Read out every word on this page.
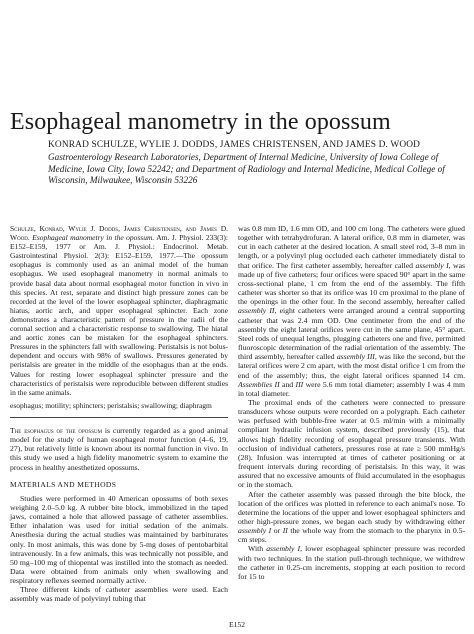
Esophageal manometry in the opossum
KONRAD SCHULZE, WYLIE J. DODDS, JAMES CHRISTENSEN, AND JAMES D. WOOD
Gastroenterology Research Laboratories, Department of Internal Medicine, University of Iowa College of Medicine, Iowa City, Iowa 52242; and Department of Radiology and Internal Medicine, Medical College of Wisconsin, Milwaukee, Wisconsin 53226
Schulze, Konrad, Wylie J. Dodds, James Christensen, and James D. Wood. Esophageal manometry in the opossum. Am. J. Physiol. 233(3): E152–E159, 1977 or Am. J. Physiol.: Endocrinol. Metab. Gastrointestinal Physiol. 2(3): E152–E159, 1977.—The opossum esophagus is commonly used as an animal model of the human esophagus. We used esophageal manometry in normal animals to provide basal data about normal esophageal motor function in vivo in this species. At rest, separate and distinct high pressure zones can be recorded at the level of the lower esophageal sphincter, diaphragmatic hiatus, aortic arch, and upper esophageal sphincter. Each zone demonstrates a characteristic pattern of pressure in the radii of the coronal section and a characteristic response to swallowing. The hiatal and aortic zones can be mistaken for the esophageal sphincters. Pressures in the sphincters fall with swallowing. Peristalsis is not bolus-dependent and occurs with 98% of swallows. Pressures generated by peristalsis are greater in the middle of the esophagus than at the ends. Values for resting lower esophageal sphincter pressure and the characteristics of peristalsis were reproducible between different studies in the same animals.
esophagus; motility; sphincters; peristalsis; swallowing; diaphragm
The esophagus of the opossum is currently regarded as a good animal model for the study of human esophageal motor function (4–6, 19, 27), but relatively little is known about its normal function in vivo. In this study we used a high fidelity manometric system to examine the process in healthy anesthetized opossums.
MATERIALS AND METHODS
Studies were performed in 40 American opossums of both sexes weighing 2.0–5.0 kg. A rubber bite block, immobilized in the taped jaws, contained a hole that allowed passage of catheter assemblies. Ether inhalation was used for initial sedation of the animals. Anesthesia during the actual studies was maintained by barbiturates only. In most animals, this was done by 5-mg doses of pentobarbital intravenously. In a few animals, this was technically not possible, and 50 mg–100 mg of thiopental was instilled into the stomach as needed. Data were obtained from animals only when swallowing and respiratory reflexes seemed normally active.
Three different kinds of catheter assemblies were used. Each assembly was made of polyvinyl tubing that
was 0.8 mm ID, 1.6 mm OD, and 100 cm long. The catheters were glued together with tetrahydrofuran. A lateral orifice, 0.8 mm in diameter, was cut in each catheter at the desired location. A small steel rod, 3–8 mm in length, or a polyvinyl plug occluded each catheter immediately distal to that orifice. The first catheter assembly, hereafter called assembly I, was made up of five catheters; four orifices were spaced 90° apart in the same cross-sectional plane, 1 cm from the end of the assembly. The fifth catheter was shorter so that its orifice was 10 cm proximal to the plane of the openings in the other four. In the second assembly, hereafter called assembly II, eight catheters were arranged around a central supporting catheter that was 2.4 mm OD. One centimeter from the end of the assembly the eight lateral orifices were cut in the same plane, 45° apart. Steel rods of unequal lengths, plugging catheters one and five, permitted fluoroscopic determination of the radial orientation of the assembly. The third assembly, hereafter called assembly III, was like the second, but the lateral orifices were 2 cm apart, with the most distal orifice 1 cm from the end of the assembly; thus, the eight lateral orifices spanned 14 cm. Assemblies II and III were 5.6 mm total diameter; assembly I was 4 mm in total diameter.
The proximal ends of the catheters were connected to pressure transducers whose outputs were recorded on a polygraph. Each catheter was perfused with bubble-free water at 0.5 ml/min with a minimally compliant hydraulic infusion system, described previously (15), that allows high fidelity recording of esophageal pressure transients. With occlusion of individual catheters, pressures rose at rate ≥ 500 mmHg/s (28). Infusion was interrupted at times of catheter positioning or at frequent intervals during recording of peristalsis. In this way, it was assured that no excessive amounts of fluid accumulated in the esophagus or in the stomach.
After the catheter assembly was passed through the bite block, the location of the orifices was plotted in reference to each animal's nose. To determine the locations of the upper and lower esophageal sphincters and other high-pressure zones, we began each study by withdrawing either assembly I or II the whole way from the stomach to the pharynx in 0.5-cm steps.
With assembly I, lower esophageal sphincter pressure was recorded with two techniques. In the station pull-through technique, we withdrew the catheter in 0.25-cm increments, stopping at each position to record for 15 to
E152
